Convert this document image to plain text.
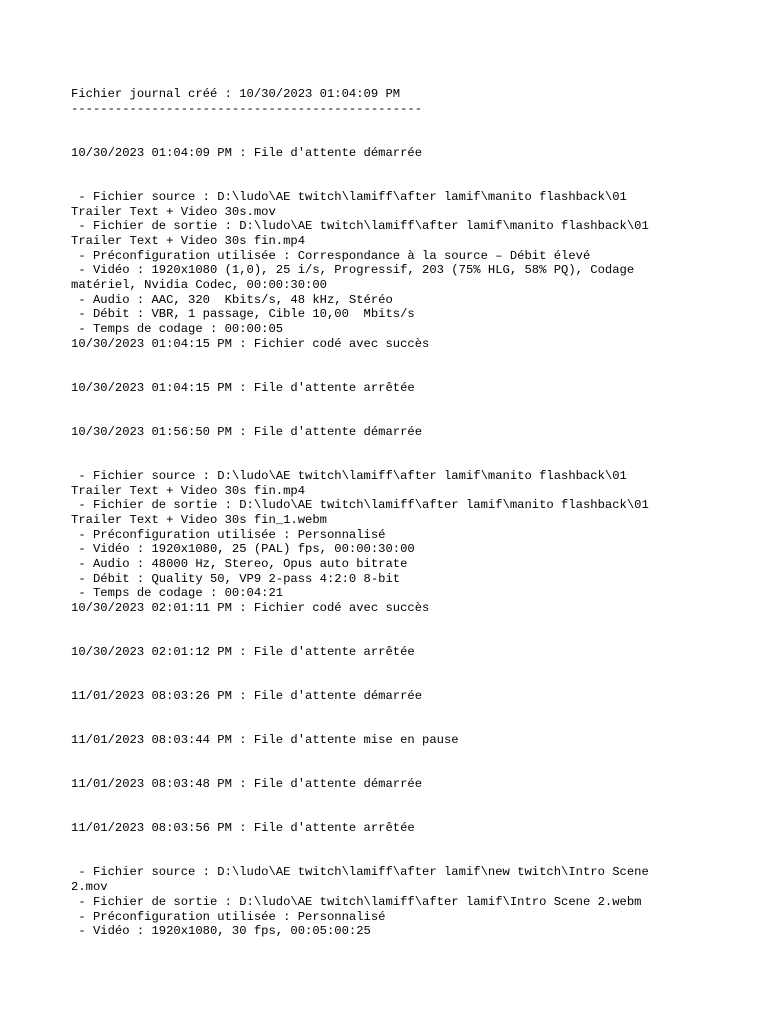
Fichier journal créé : 10/30/2023 01:04:09 PM
------------------------------------------------
10/30/2023 01:04:09 PM : File d'attente démarrée
- Fichier source : D:\ludo\AE twitch\lamiff\after lamif\manito flashback\01
Trailer Text + Video 30s.mov
- Fichier de sortie : D:\ludo\AE twitch\lamiff\after lamif\manito flashback\01
Trailer Text + Video 30s fin.mp4
- Préconfiguration utilisée : Correspondance à la source – Débit élevé
- Vidéo : 1920x1080 (1,0), 25 i/s, Progressif, 203 (75% HLG, 58% PQ), Codage
matériel, Nvidia Codec, 00:00:30:00
- Audio : AAC, 320  Kbits/s, 48 kHz, Stéréo
- Débit : VBR, 1 passage, Cible 10,00  Mbits/s
- Temps de codage : 00:00:05
10/30/2023 01:04:15 PM : Fichier codé avec succès
10/30/2023 01:04:15 PM : File d'attente arrêtée
10/30/2023 01:56:50 PM : File d'attente démarrée
- Fichier source : D:\ludo\AE twitch\lamiff\after lamif\manito flashback\01
Trailer Text + Video 30s fin.mp4
- Fichier de sortie : D:\ludo\AE twitch\lamiff\after lamif\manito flashback\01
Trailer Text + Video 30s fin_1.webm
- Préconfiguration utilisée : Personnalisé
- Vidéo : 1920x1080, 25 (PAL) fps, 00:00:30:00
- Audio : 48000 Hz, Stereo, Opus auto bitrate
- Débit : Quality 50, VP9 2-pass 4:2:0 8-bit
- Temps de codage : 00:04:21
10/30/2023 02:01:11 PM : Fichier codé avec succès
10/30/2023 02:01:12 PM : File d'attente arrêtée
11/01/2023 08:03:26 PM : File d'attente démarrée
11/01/2023 08:03:44 PM : File d'attente mise en pause
11/01/2023 08:03:48 PM : File d'attente démarrée
11/01/2023 08:03:56 PM : File d'attente arrêtée
- Fichier source : D:\ludo\AE twitch\lamiff\after lamif\new twitch\Intro Scene
2.mov
- Fichier de sortie : D:\ludo\AE twitch\lamiff\after lamif\Intro Scene 2.webm
- Préconfiguration utilisée : Personnalisé
- Vidéo : 1920x1080, 30 fps, 00:05:00:25
